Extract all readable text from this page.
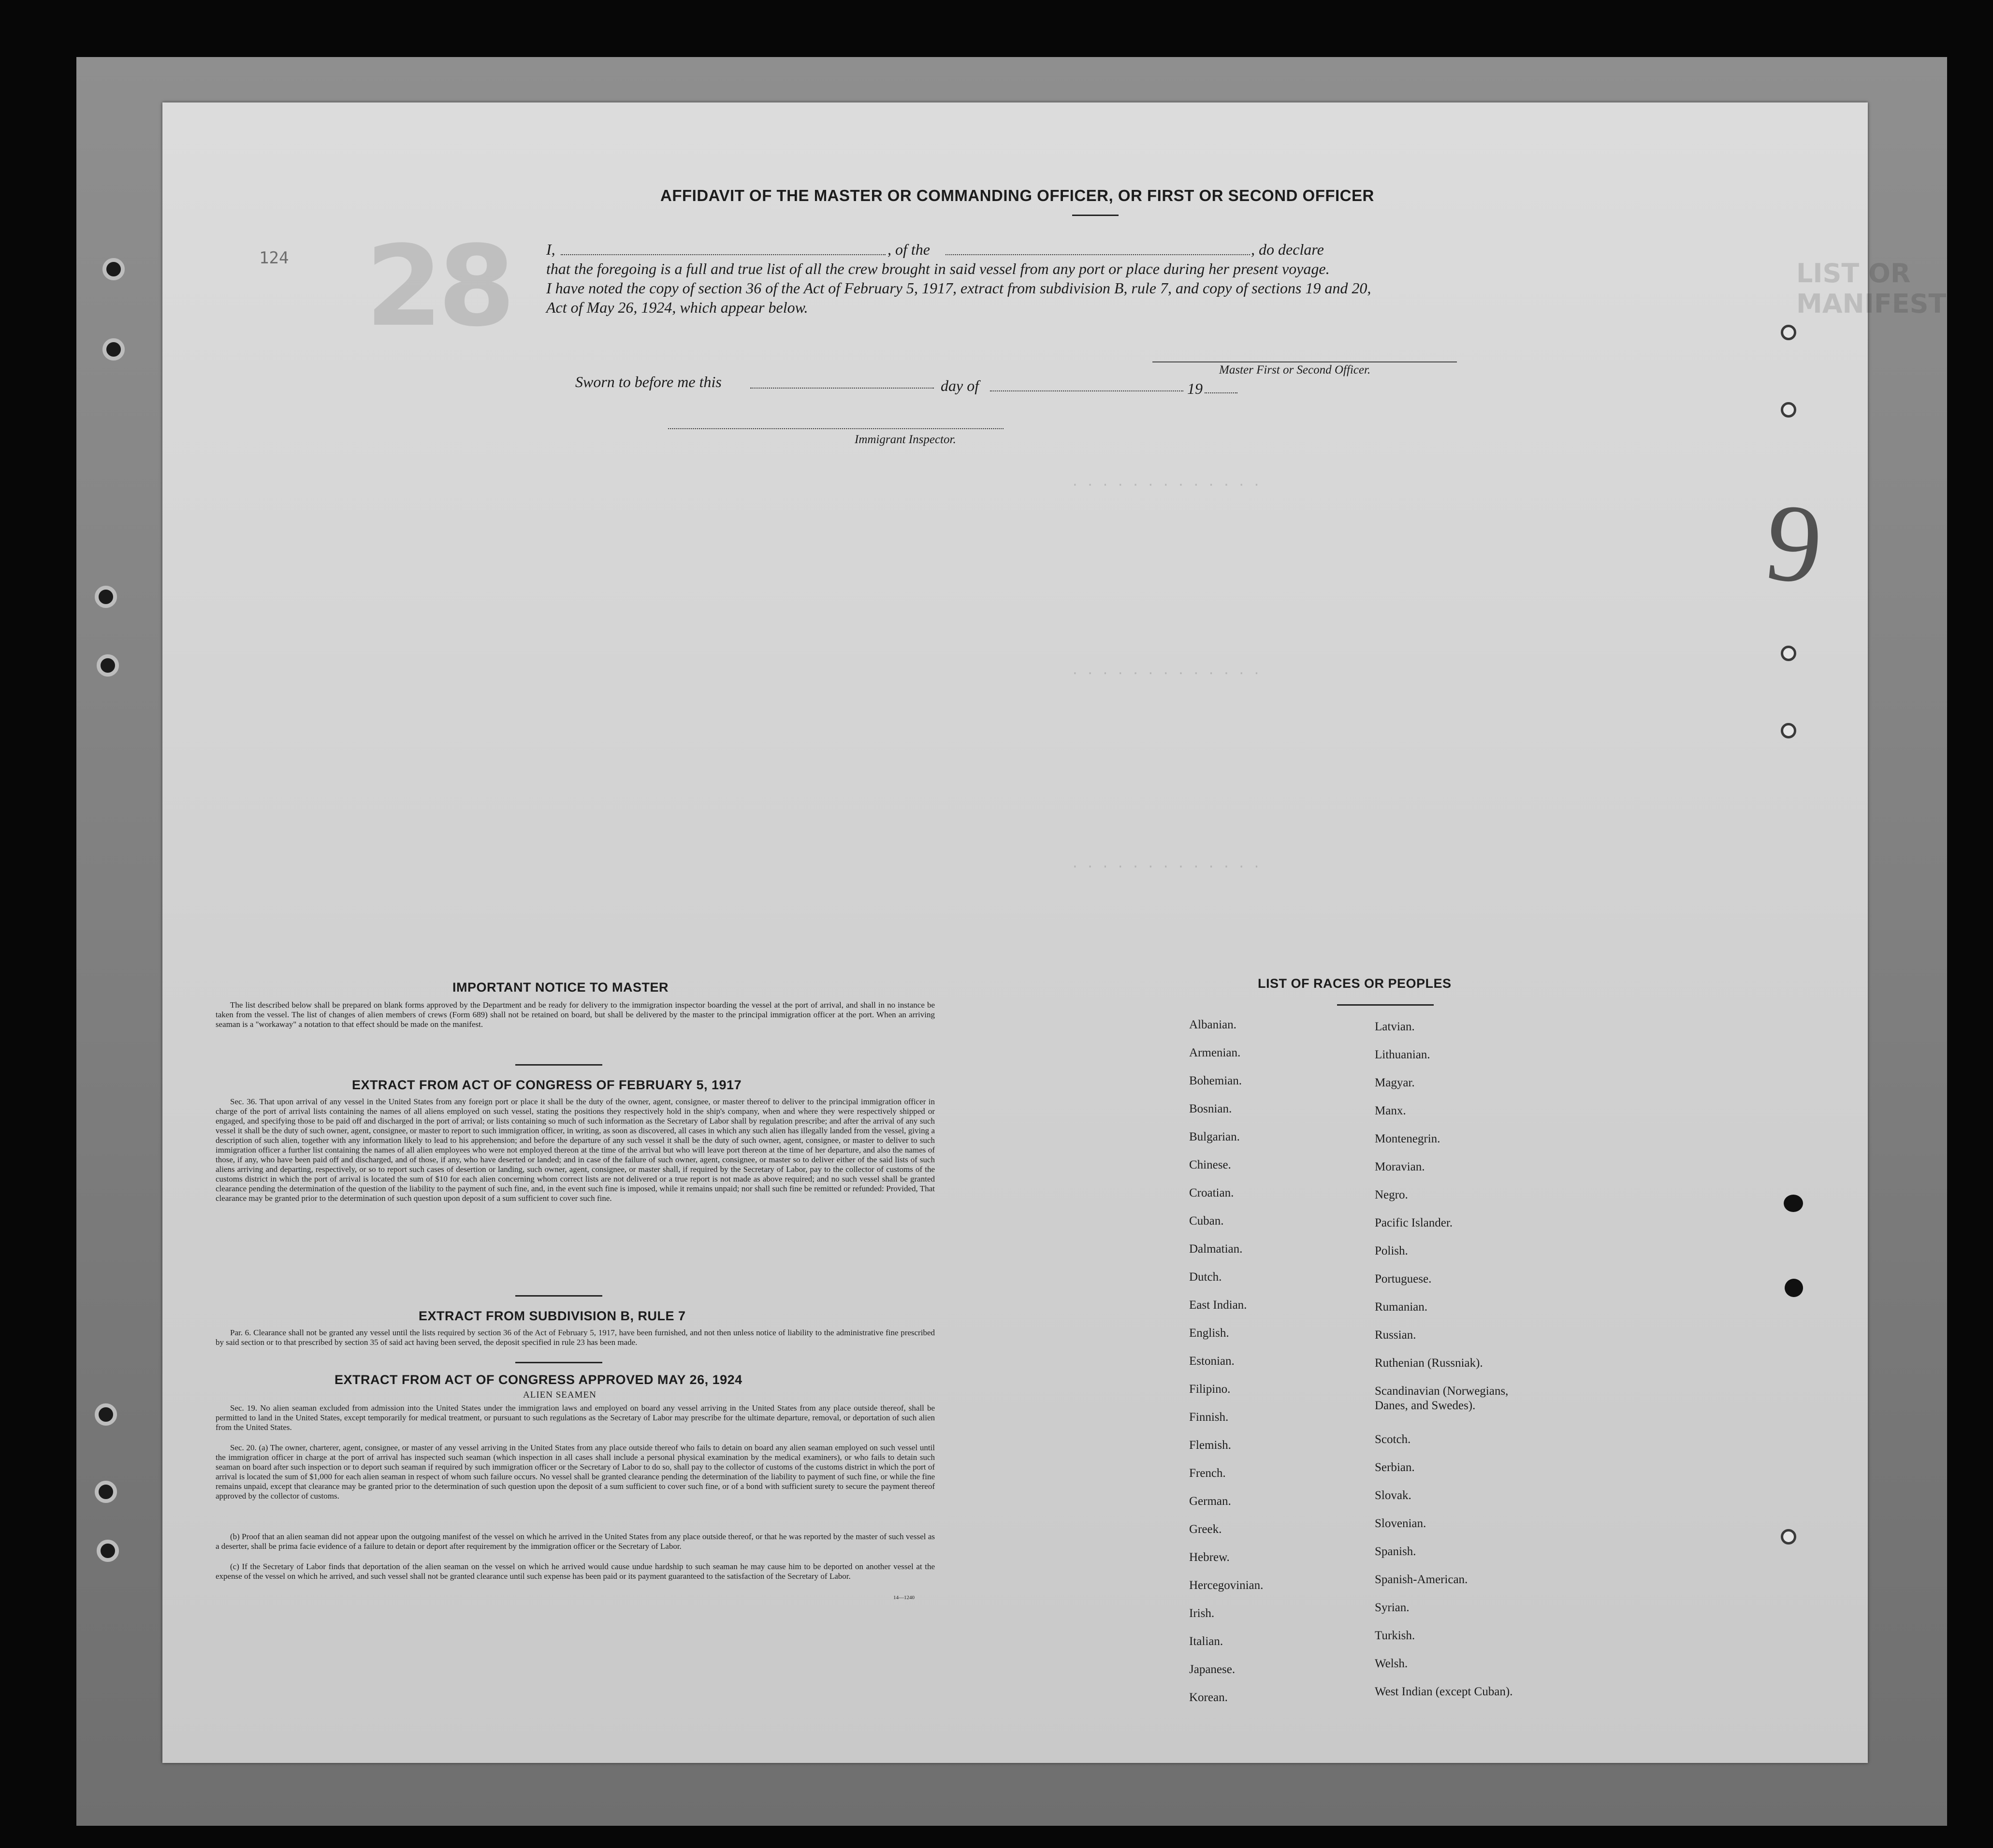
28
124	LIST OR MANIFEST
9
. . . . . . . . . . . . .
. . . . . . . . . . . . .
. . . . . . . . . . . . .
AFFIDAVIT OF THE MASTER OR COMMANDING OFFICER, OR FIRST OR SECOND OFFICER
I,	, of the	, do declare
that the foregoing is a full and true list of all the crew brought in said vessel from any port or place during her present voyage.
I have noted the copy of section 36 of the Act of February 5, 1917, extract from subdivision B, rule 7, and copy of sections 19 and 20,
Act of May 26, 1924, which appear below.
Master First or Second Officer.
Sworn to before me this	day of	19
Immigrant Inspector.
IMPORTANT NOTICE TO MASTER

The list described below shall be prepared on blank forms approved by the Department and be ready for delivery to the immigration inspector boarding the vessel at the port of arrival, and shall in no instance be taken from the vessel. The list of changes of alien members of crews (Form 689) shall not be retained on board, but shall be delivered by the master to the principal immigration officer at the port. When an arriving seaman is a "workaway" a notation to that effect should be made on the manifest.

EXTRACT FROM ACT OF CONGRESS OF FEBRUARY 5, 1917

Sec. 36. That upon arrival of any vessel in the United States from any foreign port or place it shall be the duty of the owner, agent, consignee, or master thereof to deliver to the principal immigration officer in charge of the port of arrival lists containing the names of all aliens employed on such vessel, stating the positions they respectively hold in the ship's company, when and where they were respectively shipped or engaged, and specifying those to be paid off and discharged in the port of arrival; or lists containing so much of such information as the Secretary of Labor shall by regulation prescribe; and after the arrival of any such vessel it shall be the duty of such owner, agent, consignee, or master to report to such immigration officer, in writing, as soon as discovered, all cases in which any such alien has illegally landed from the vessel, giving a description of such alien, together with any information likely to lead to his apprehension; and before the departure of any such vessel it shall be the duty of such owner, agent, consignee, or master to deliver to such immigration officer a further list containing the names of all alien employees who were not employed thereon at the time of the arrival but who will leave port thereon at the time of her departure, and also the names of those, if any, who have been paid off and discharged, and of those, if any, who have deserted or landed; and in case of the failure of such owner, agent, consignee, or master so to deliver either of the said lists of such aliens arriving and departing, respectively, or so to report such cases of desertion or landing, such owner, agent, consignee, or master shall, if required by the Secretary of Labor, pay to the collector of customs of the customs district in which the port of arrival is located the sum of $10 for each alien concerning whom correct lists are not delivered or a true report is not made as above required; and no such vessel shall be granted clearance pending the determination of the question of the liability to the payment of such fine, and, in the event such fine is imposed, while it remains unpaid; nor shall such fine be remitted or refunded: Provided, That clearance may be granted prior to the determination of such question upon deposit of a sum sufficient to cover such fine.

EXTRACT FROM SUBDIVISION B, RULE 7

Par. 6. Clearance shall not be granted any vessel until the lists required by section 36 of the Act of February 5, 1917, have been furnished, and not then unless notice of liability to the administrative fine prescribed by said section or to that prescribed by section 35 of said act having been served, the deposit specified in rule 23 has been made.

EXTRACT FROM ACT OF CONGRESS APPROVED MAY 26, 1924
ALIEN SEAMEN

Sec. 19. No alien seaman excluded from admission into the United States under the immigration laws and employed on board any vessel arriving in the United States from any place outside thereof, shall be permitted to land in the United States, except temporarily for medical treatment, or pursuant to such regulations as the Secretary of Labor may prescribe for the ultimate departure, removal, or deportation of such alien from the United States.

Sec. 20. (a) The owner, charterer, agent, consignee, or master of any vessel arriving in the United States from any place outside thereof who fails to detain on board any alien seaman employed on such vessel until the immigration officer in charge at the port of arrival has inspected such seaman (which inspection in all cases shall include a personal physical examination by the medical examiners), or who fails to detain such seaman on board after such inspection or to deport such seaman if required by such immigration officer or the Secretary of Labor to do so, shall pay to the collector of customs of the customs district in which the port of arrival is located the sum of $1,000 for each alien seaman in respect of whom such failure occurs. No vessel shall be granted clearance pending the determination of the liability to payment of such fine, or while the fine remains unpaid, except that clearance may be granted prior to the determination of such question upon the deposit of a sum sufficient to cover such fine, or of a bond with sufficient surety to secure the payment thereof approved by the collector of customs.

(b) Proof that an alien seaman did not appear upon the outgoing manifest of the vessel on which he arrived in the United States from any place outside thereof, or that he was reported by the master of such vessel as a deserter, shall be prima facie evidence of a failure to detain or deport after requirement by the immigration officer or the Secretary of Labor.

(c) If the Secretary of Labor finds that deportation of the alien seaman on the vessel on which he arrived would cause undue hardship to such seaman he may cause him to be deported on another vessel at the expense of the vessel on which he arrived, and such vessel shall not be granted clearance until such expense has been paid or its payment guaranteed to the satisfaction of the Secretary of Labor.

14—1240
LIST OF RACES OR PEOPLES
Albanian.
Armenian.
Bohemian.
Bosnian.
Bulgarian.
Chinese.
Croatian.
Cuban.
Dalmatian.
Dutch.
East Indian.
English.
Estonian.
Filipino.
Finnish.
Flemish.
French.
German.
Greek.
Hebrew.
Hercegovinian.
Irish.
Italian.
Japanese.
Korean.
Latvian.
Lithuanian.
Magyar.
Manx.
Montenegrin.
Moravian.
Negro.
Pacific Islander.
Polish.
Portuguese.
Rumanian.
Russian.
Ruthenian (Russniak).
Scandinavian (Norwegians,
Danes, and Swedes).
Scotch.
Serbian.
Slovak.
Slovenian.
Spanish.
Spanish-American.
Syrian.
Turkish.
Welsh.
West Indian (except Cuban).
